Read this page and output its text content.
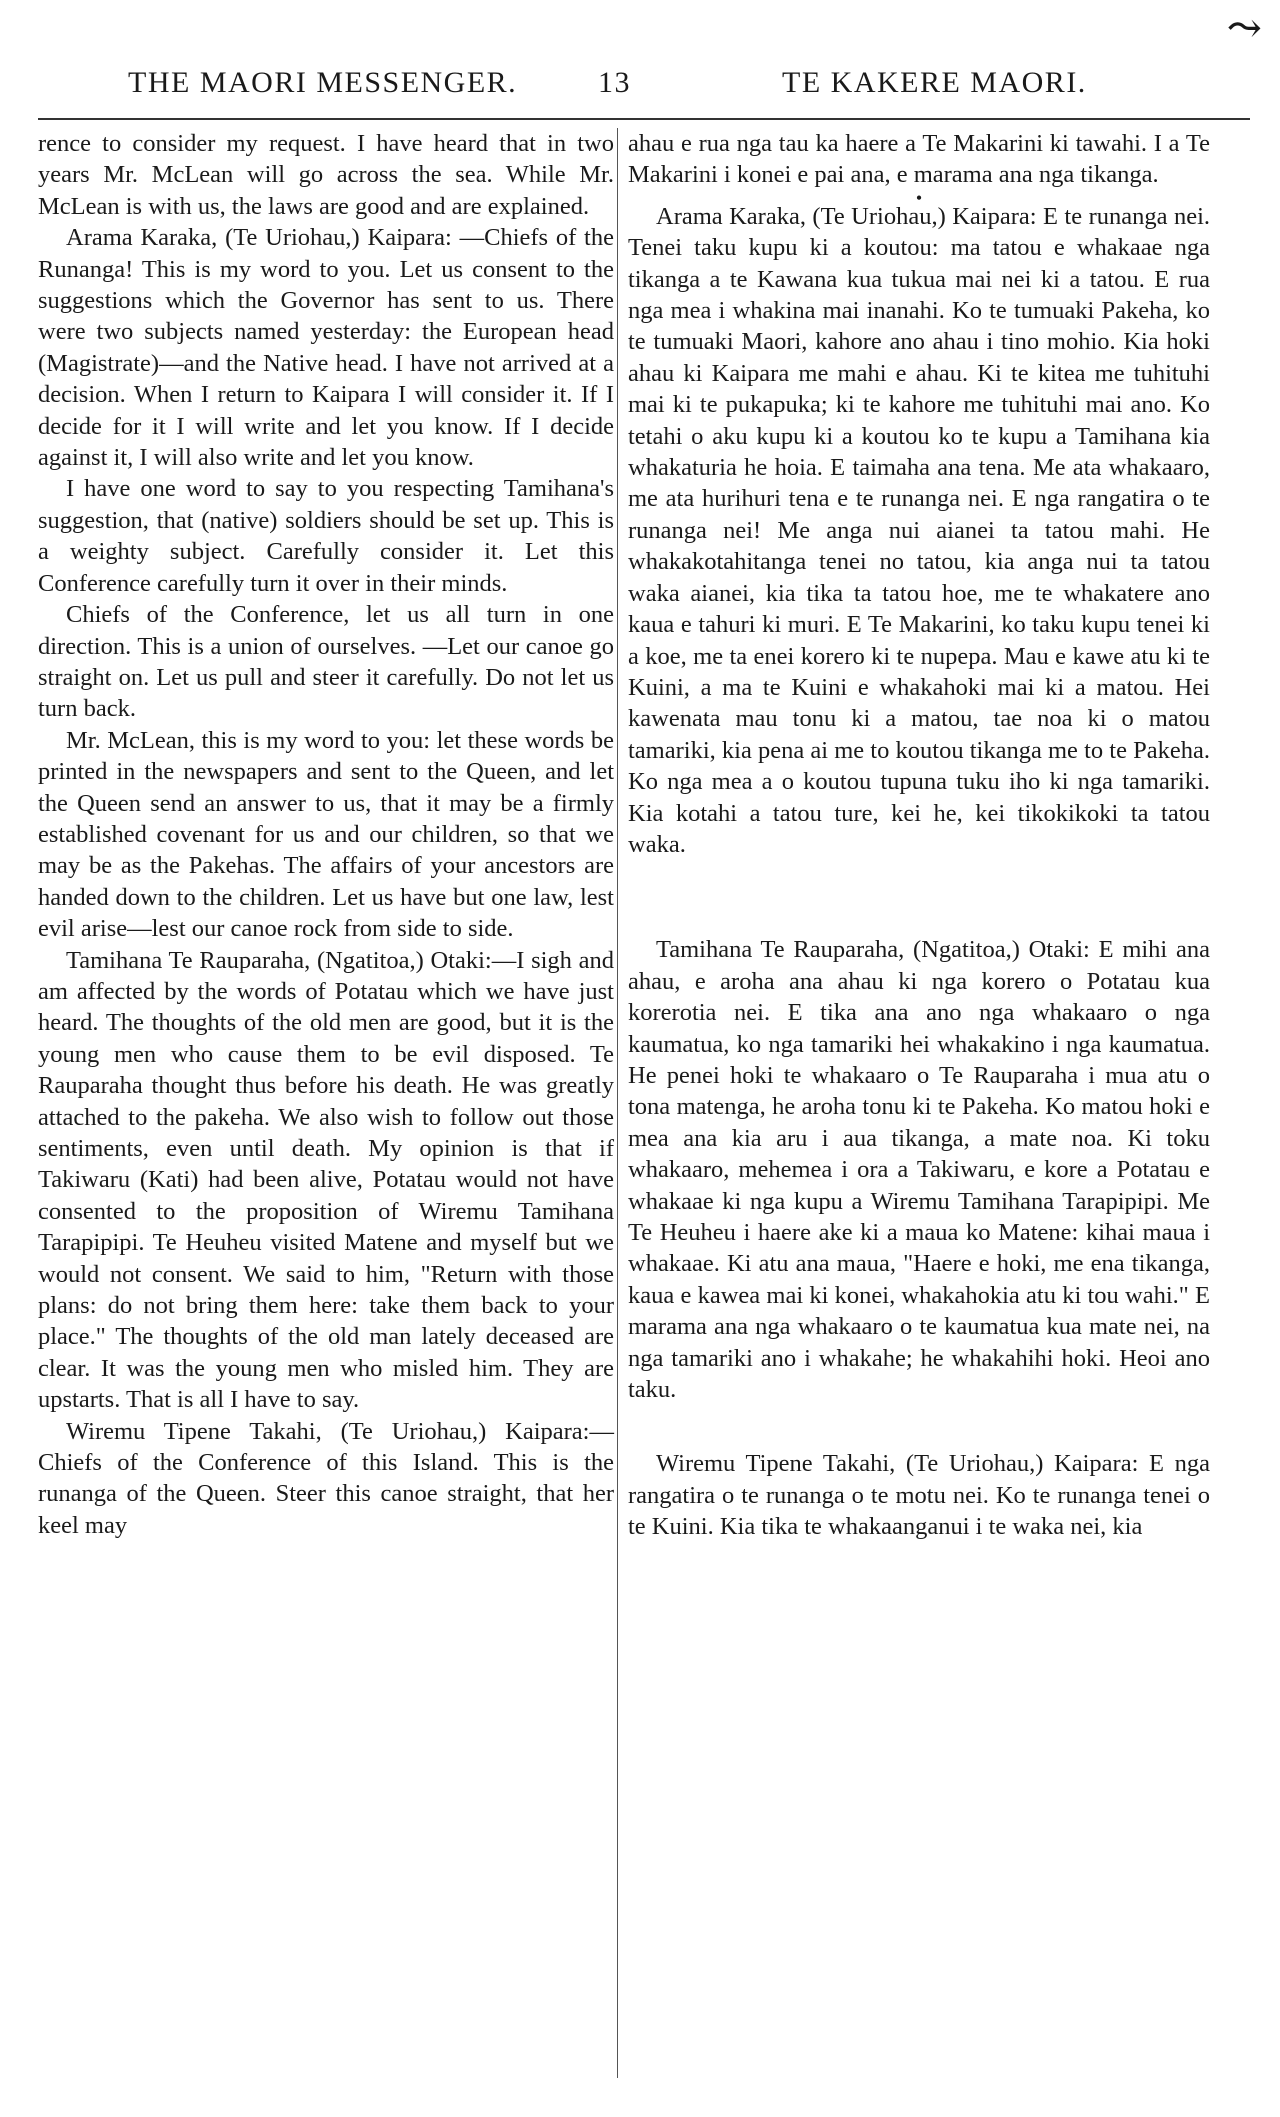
THE MAORI MESSENGER.	13	TE KAKERE MAORI.
⤳

rence to consider my request. I have heard that in two years Mr. McLean will go across the sea. While Mr. McLean is with us, the laws are good and are explained.

Arama Karaka, (Te Uriohau,) Kaipara: —Chiefs of the Runanga! This is my word to you. Let us consent to the suggestions which the Governor has sent to us. There were two subjects named yesterday: the European head (Magistrate)—and the Native head. I have not arrived at a decision. When I return to Kaipara I will consider it. If I decide for it I will write and let you know. If I decide against it, I will also write and let you know.

I have one word to say to you respecting Tamihana's suggestion, that (native) soldiers should be set up. This is a weighty subject. Carefully consider it. Let this Conference carefully turn it over in their minds.

Chiefs of the Conference, let us all turn in one direction. This is a union of ourselves. —Let our canoe go straight on. Let us pull and steer it carefully. Do not let us turn back.

Mr. McLean, this is my word to you: let these words be printed in the newspapers and sent to the Queen, and let the Queen send an answer to us, that it may be a firmly established covenant for us and our children, so that we may be as the Pakehas. The affairs of your ancestors are handed down to the children. Let us have but one law, lest evil arise—lest our canoe rock from side to side.

Tamihana Te Rauparaha, (Ngatitoa,) Otaki:—I sigh and am affected by the words of Potatau which we have just heard. The thoughts of the old men are good, but it is the young men who cause them to be evil disposed. Te Rauparaha thought thus before his death. He was greatly attached to the pakeha. We also wish to follow out those sentiments, even until death. My opinion is that if Takiwaru (Kati) had been alive, Potatau would not have consented to the proposition of Wiremu Tamihana Tarapipipi. Te Heuheu visited Matene and myself but we would not consent. We said to him, "Return with those plans: do not bring them here: take them back to your place." The thoughts of the old man lately deceased are clear. It was the young men who misled him. They are upstarts. That is all I have to say.

Wiremu Tipene Takahi, (Te Uriohau,) Kaipara:—Chiefs of the Conference of this Island. This is the runanga of the Queen. Steer this canoe straight, that her keel may

ahau e rua nga tau ka haere a Te Makarini ki tawahi. I a Te Makarini i konei e pai ana, e marama ana nga tikanga.

•

Arama Karaka, (Te Uriohau,) Kaipara: E te runanga nei. Tenei taku kupu ki a koutou: ma tatou e whakaae nga tikanga a te Kawana kua tukua mai nei ki a tatou. E rua nga mea i whakina mai inanahi. Ko te tumuaki Pakeha, ko te tumuaki Maori, kahore ano ahau i tino mohio. Kia hoki ahau ki Kaipara me mahi e ahau. Ki te kitea me tuhituhi mai ki te pukapuka; ki te kahore me tuhituhi mai ano. Ko tetahi o aku kupu ki a koutou ko te kupu a Tamihana kia whakaturia he hoia. E taimaha ana tena. Me ata whakaaro, me ata hurihuri tena e te runanga nei. E nga rangatira o te runanga nei! Me anga nui aianei ta tatou mahi. He whakakotahitanga tenei no tatou, kia anga nui ta tatou waka aianei, kia tika ta tatou hoe, me te whakatere ano kaua e tahuri ki muri. E Te Makarini, ko taku kupu tenei ki a koe, me ta enei korero ki te nupepa. Mau e kawe atu ki te Kuini, a ma te Kuini e whakahoki mai ki a matou. Hei kawenata mau tonu ki a matou, tae noa ki o matou tamariki, kia pena ai me to koutou tikanga me to te Pakeha. Ko nga mea a o koutou tupuna tuku iho ki nga tamariki. Kia kotahi a tatou ture, kei he, kei tikokikoki ta tatou waka.

Tamihana Te Rauparaha, (Ngatitoa,) Otaki: E mihi ana ahau, e aroha ana ahau ki nga korero o Potatau kua korerotia nei. E tika ana ano nga whakaaro o nga kaumatua, ko nga tamariki hei whakakino i nga kaumatua. He penei hoki te whakaaro o Te Rauparaha i mua atu o tona matenga, he aroha tonu ki te Pakeha. Ko matou hoki e mea ana kia aru i aua tikanga, a mate noa. Ki toku whakaaro, mehemea i ora a Takiwaru, e kore a Potatau e whakaae ki nga kupu a Wiremu Tamihana Tarapipipi. Me Te Heuheu i haere ake ki a maua ko Matene: kihai maua i whakaae. Ki atu ana maua, "Haere e hoki, me ena tikanga, kaua e kawea mai ki konei, whakahokia atu ki tou wahi." E marama ana nga whakaaro o te kaumatua kua mate nei, na nga tamariki ano i whakahe; he whakahihi hoki. Heoi ano taku.

Wiremu Tipene Takahi, (Te Uriohau,) Kaipara: E nga rangatira o te runanga o te motu nei. Ko te runanga tenei o te Kuini. Kia tika te whakaanganui i te waka nei, kia
